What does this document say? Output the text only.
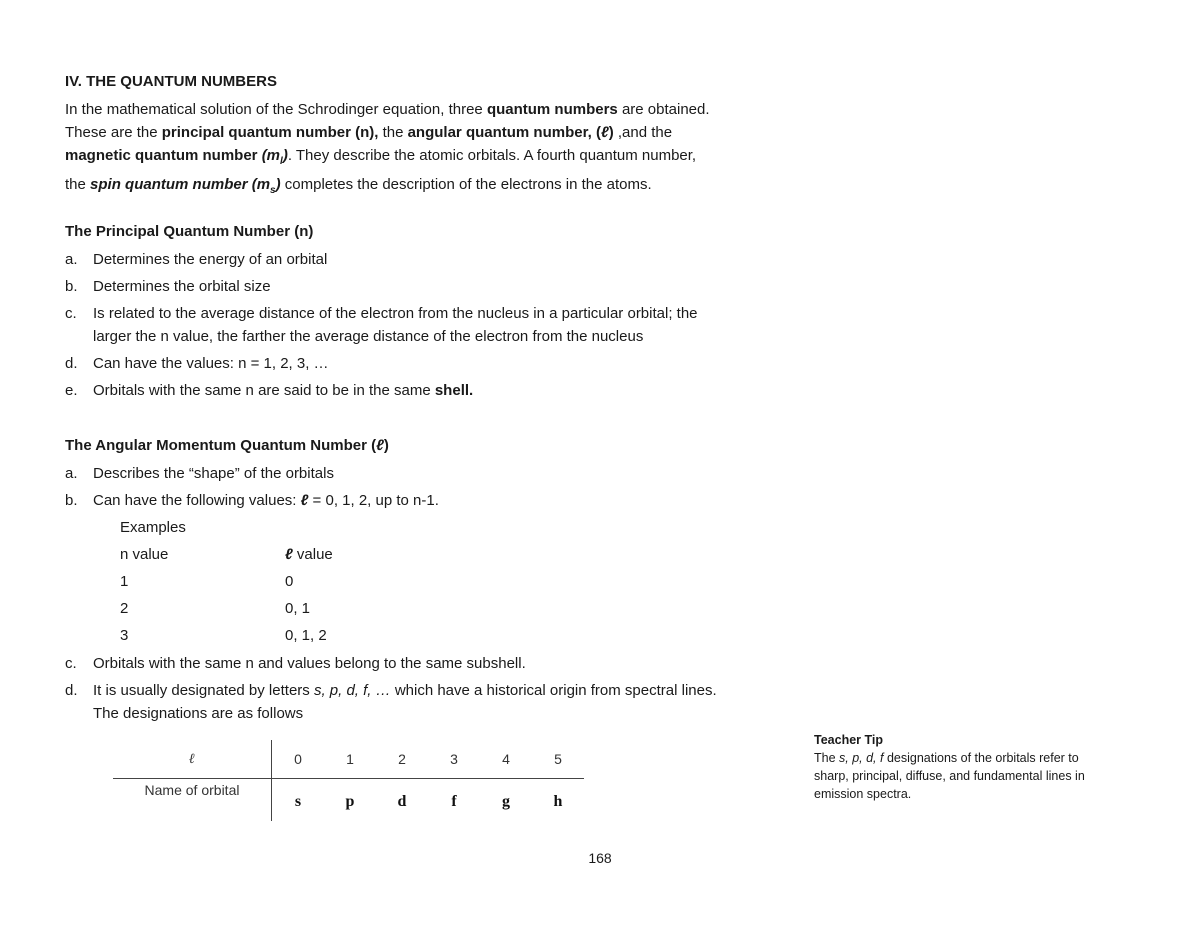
IV. THE QUANTUM NUMBERS

In the mathematical solution of the Schrodinger equation, three quantum numbers are obtained.

These are the principal quantum number (n), the angular quantum number, (ℓ) ,and the

magnetic quantum number $(m_l)$. They describe the atomic orbitals. A fourth quantum number,

the spin quantum number $(m_s)$ completes the description of the electrons in the atoms.

The Principal Quantum Number (n)
a. Determines the energy of an orbital
b. Determines the orbital size
c. Is related to the average distance of the electron from the nucleus in a particular orbital; the
larger the n value, the farther the average distance of the electron from the nucleus
d. Can have the values: n = 1, 2, 3, …
e. Orbitals with the same n are said to be in the same shell.
The Angular Momentum Quantum Number (ℓ)
a. Describes the “shape” of the orbitals
b. Can have the following values: ℓ = 0, 1, 2, up to n-1.
Examples
n value	ℓ value
1	0
2	0, 1
3	0, 1, 2
c. Orbitals with the same n and values belong to the same subshell.
d. It is usually designated by letters s, p, d, f, … which have a historical origin from spectral lines.
The designations are as follows
ℓ	0	1	2	3	4	5
Name of orbital	s	p	d	f	g	h
Teacher Tip
The s, p, d, f designations of the orbitals refer to
sharp, principal, diffuse, and fundamental lines in
emission spectra.
168
